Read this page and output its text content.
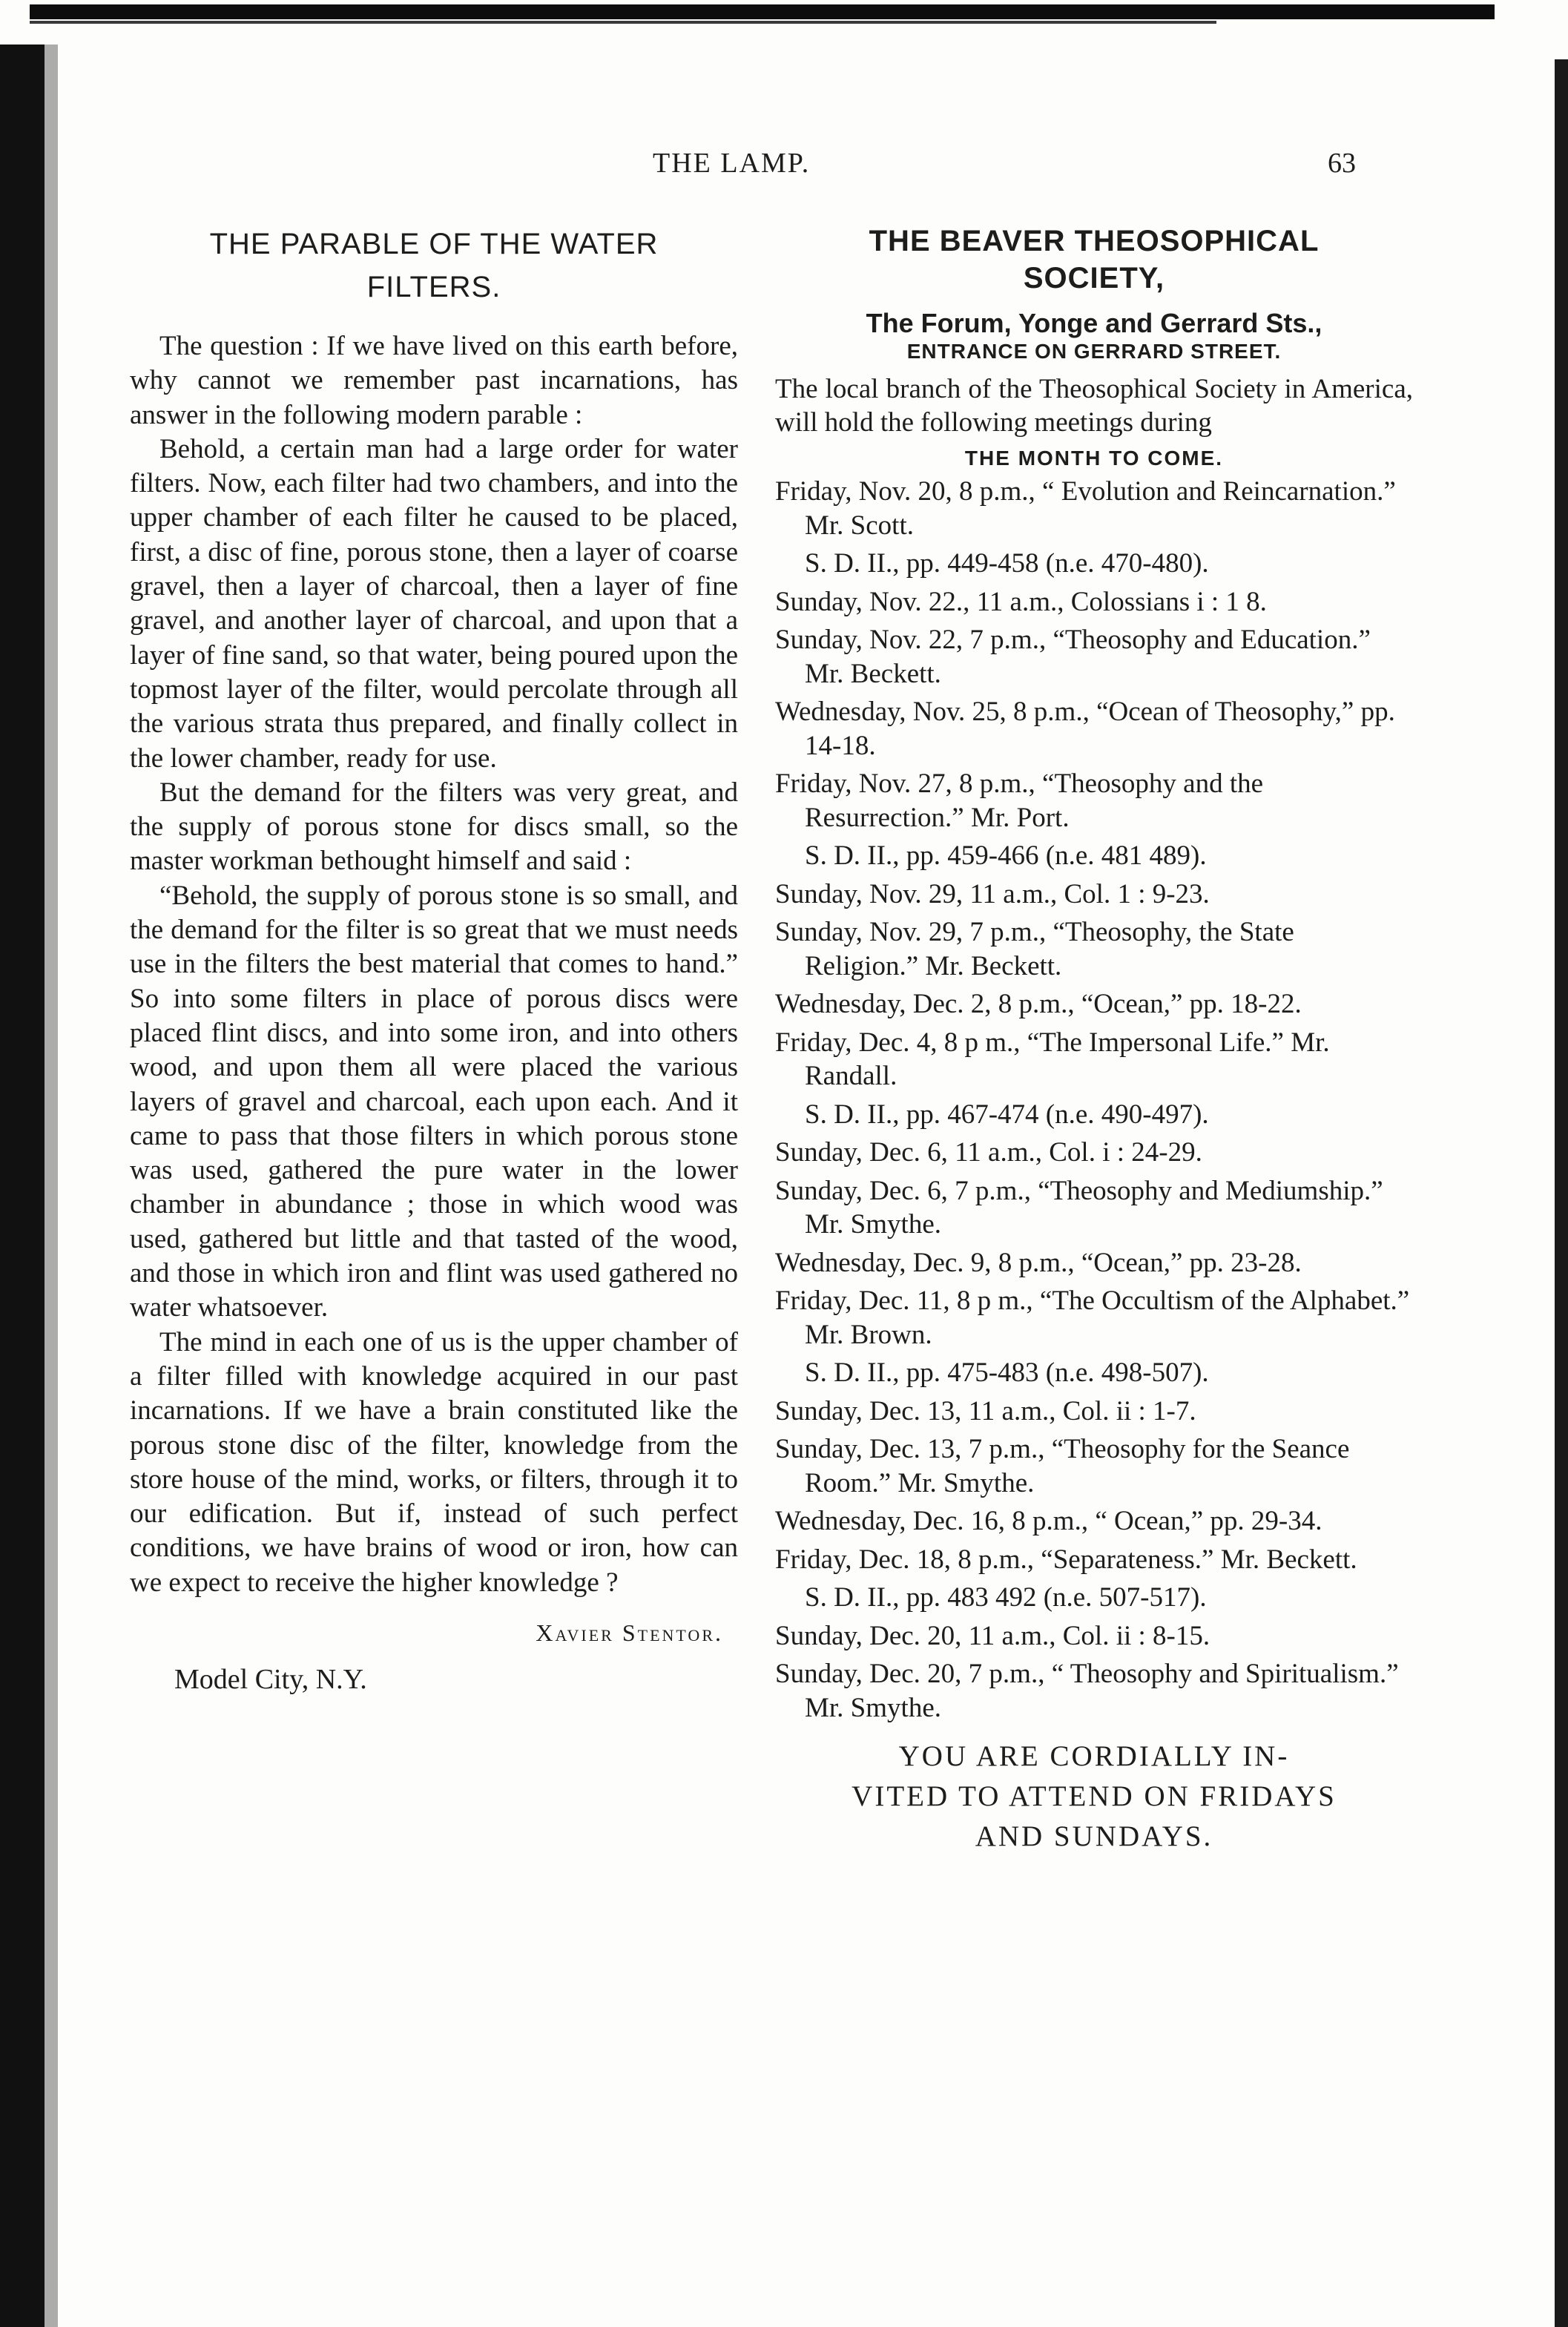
THE LAMP.	63
THE PARABLE OF THE WATER
FILTERS.

The question : If we have lived on this earth before, why cannot we remember past incarnations, has answer in the following modern parable :

Behold, a certain man had a large order for water filters. Now, each filter had two chambers, and into the upper chamber of each filter he caused to be placed, first, a disc of fine, porous stone, then a layer of coarse gravel, then a layer of charcoal, then a layer of fine gravel, and another layer of charcoal, and upon that a layer of fine sand, so that water, being poured upon the topmost layer of the filter, would percolate through all the various strata thus prepared, and finally collect in the lower chamber, ready for use.

But the demand for the filters was very great, and the supply of porous stone for discs small, so the master workman bethought himself and said :

“Behold, the supply of porous stone is so small, and the demand for the filter is so great that we must needs use in the filters the best material that comes to hand.” So into some filters in place of porous discs were placed flint discs, and into some iron, and into others wood, and upon them all were placed the various layers of gravel and charcoal, each upon each. And it came to pass that those filters in which porous stone was used, gathered the pure water in the lower chamber in abundance ; those in which wood was used, gathered but little and that tasted of the wood, and those in which iron and flint was used gathered no water whatsoever.

The mind in each one of us is the upper chamber of a filter filled with knowledge acquired in our past incarnations. If we have a brain constituted like the porous stone disc of the filter, knowledge from the store house of the mind, works, or filters, through it to our edification. But if, instead of such perfect conditions, we have brains of wood or iron, how can we expect to receive the higher knowledge ?

Xavier Stentor.

Model City, N.Y.

THE BEAVER THEOSOPHICAL
SOCIETY,

The Forum, Yonge and Gerrard Sts.,

ENTRANCE ON GERRARD STREET.

The local branch of the Theosophical Society in America, will hold the following meetings during

THE MONTH TO COME.

Friday, Nov. 20, 8 p.m., “ Evolution and Reincarnation.” Mr. Scott.

S. D. II., pp. 449-458 (n.e. 470-480).

Sunday, Nov. 22., 11 a.m., Colossians i : 1 8.

Sunday, Nov. 22, 7 p.m., “Theosophy and Education.” Mr. Beckett.

Wednesday, Nov. 25, 8 p.m., “Ocean of Theosophy,” pp. 14-18.

Friday, Nov. 27, 8 p.m., “Theosophy and the Resurrection.” Mr. Port.

S. D. II., pp. 459-466 (n.e. 481 489).

Sunday, Nov. 29, 11 a.m., Col. 1 : 9-23.

Sunday, Nov. 29, 7 p.m., “Theosophy, the State Religion.” Mr. Beckett.

Wednesday, Dec. 2, 8 p.m., “Ocean,” pp. 18-22.

Friday, Dec. 4, 8 p m., “The Impersonal Life.” Mr. Randall.

S. D. II., pp. 467-474 (n.e. 490-497).

Sunday, Dec. 6, 11 a.m., Col. i : 24-29.

Sunday, Dec. 6, 7 p.m., “Theosophy and Mediumship.” Mr. Smythe.

Wednesday, Dec. 9, 8 p.m., “Ocean,” pp. 23-28.

Friday, Dec. 11, 8 p m., “The Occultism of the Alphabet.” Mr. Brown.

S. D. II., pp. 475-483 (n.e. 498-507).

Sunday, Dec. 13, 11 a.m., Col. ii : 1-7.

Sunday, Dec. 13, 7 p.m., “Theosophy for the Seance Room.” Mr. Smythe.

Wednesday, Dec. 16, 8 p.m., “ Ocean,” pp. 29-34.

Friday, Dec. 18, 8 p.m., “Separateness.” Mr. Beckett.

S. D. II., pp. 483 492 (n.e. 507-517).

Sunday, Dec. 20, 11 a.m., Col. ii : 8-15.

Sunday, Dec. 20, 7 p.m., “ Theosophy and Spiritualism.” Mr. Smythe.

YOU ARE CORDIALLY IN-
VITED TO ATTEND ON FRIDAYS
AND SUNDAYS.
